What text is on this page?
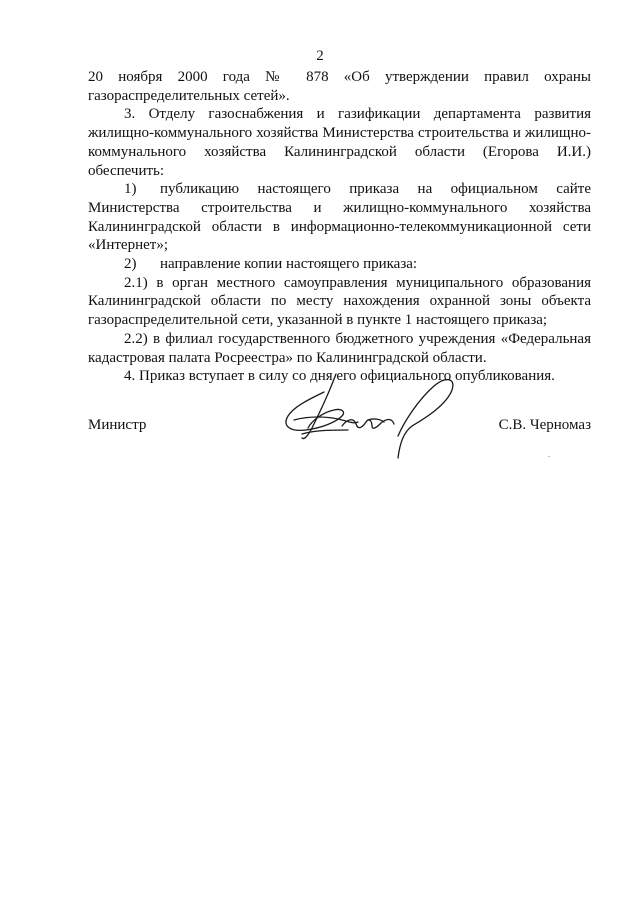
2

20 ноября 2000 года № 878 «Об утверждении правил охраны

газораспределительных сетей».

3. Отделу газоснабжения и газификации департамента развития

жилищно-коммунального хозяйства Министерства строительства и жилищно-

коммунального хозяйства Калининградской области (Егорова И.И.)

обеспечить:

1)	публикацию настоящего приказа на официальном сайте

Министерства строительства и жилищно-коммунального хозяйства

Калининградской области в информационно-телекоммуникационной сети

«Интернет»;

2)	направление копии настоящего приказа:

2.1) в орган местного самоуправления муниципального образования

Калининградской области по месту нахождения охранной зоны объекта

газораспределительной сети, указанной в пункте 1 настоящего приказа;

2.2) в филиал государственного бюджетного учреждения «Федеральная

кадастровая палата Росреестра» по Калининградской области.

4. Приказ вступает в силу со дня его официального опубликования.

Министр	С.В. Черномаз
